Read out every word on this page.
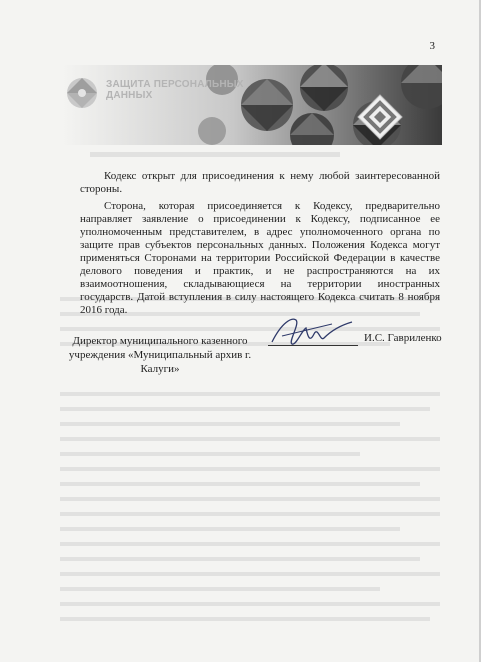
3
ЗАЩИТА ПЕРСОНАЛЬНЫХ
ДАННЫХ

Кодекс открыт для присоединения к нему любой заинтересованной стороны.

Сторона, которая присоединяется к Кодексу, предварительно направляет заявление о присоединении к Кодексу, подписанное ее уполномоченным представителем, в адрес уполномоченного органа по защите прав субъектов персональных данных. Положения Кодекса могут применяться Сторонами на территории Российской Федерации в качестве делового поведения и практик, и не распространяются на их взаимоотношения, складывающиеся на территории иностранных государств. Датой вступления в силу настоящего Кодекса считать 8 ноября 2016 года.

Директор муниципального казенного учреждения «Муниципальный архив г. Калуги»
И.С. Гавриленко
